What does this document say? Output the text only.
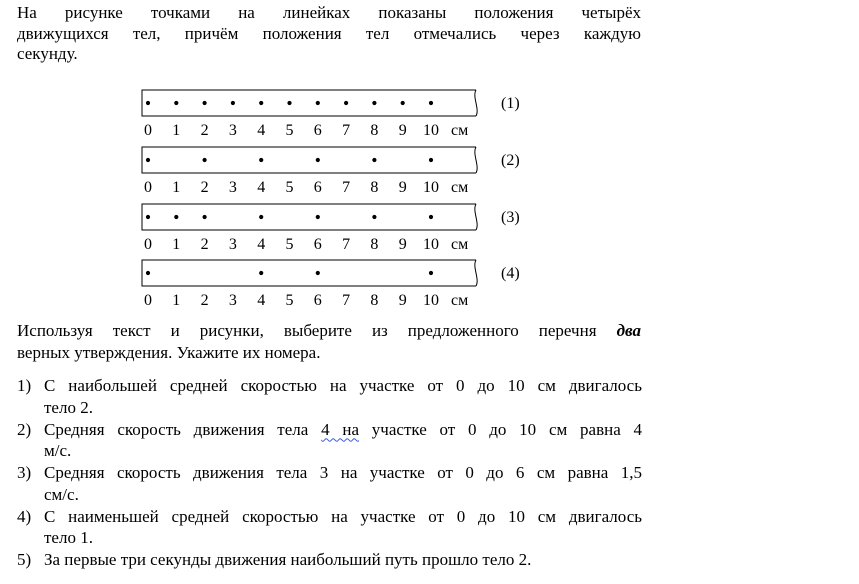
На рисунке точками на линейках показаны положения четырёх
движущихся тел, причём положения тел отмечались через каждую
секунду.
0 1 2 3 4 5 6 7 8 9 10 см
(1)
0 1 2 3 4 5 6 7 8 9 10 см
(2)
0 1 2 3 4 5 6 7 8 9 10 см
(3)
0 1 2 3 4 5 6 7 8 9 10 см
(4)
Используя текст и рисунки, выберите из предложенного перечня два
верных утверждения. Укажите их номера.
1) С наибольшей средней скоростью на участке от 0 до 10 см двигалось
тело 2.
2) Средняя скорость движения тела 4 на участке от 0 до 10 см равна 4
м/с.
3) Средняя скорость движения тела 3 на участке от 0 до 6 см равна 1,5
см/с.
4) С наименьшей средней скоростью на участке от 0 до 10 см двигалось
тело 1.
5) За первые три секунды движения наибольший путь прошло тело 2.
